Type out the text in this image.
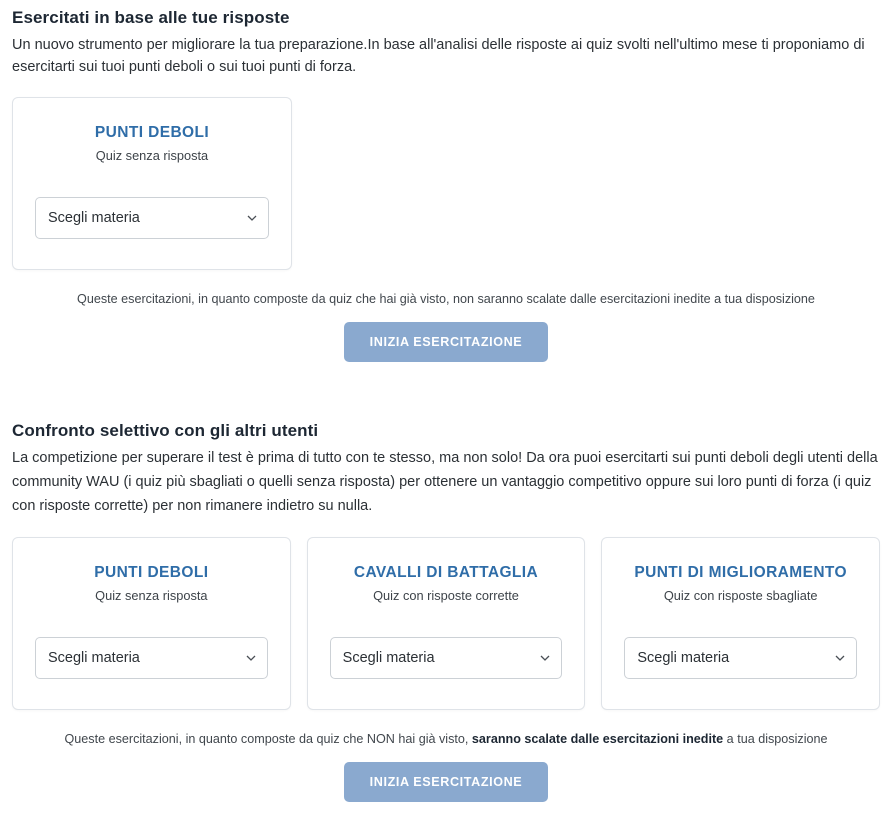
Esercitati in base alle tue risposte

Un nuovo strumento per migliorare la tua preparazione.In base all'analisi delle risposte ai quiz svolti nell'ultimo mese ti proponiamo di esercitarti sui tuoi punti deboli o sui tuoi punti di forza.

PUNTI DEBOLI
Quiz senza risposta
Scegli materia
Queste esercitazioni, in quanto composte da quiz che hai già visto, non saranno scalate dalle esercitazioni inedite a tua disposizione
INIZIA ESERCITAZIONE
Confronto selettivo con gli altri utenti

La competizione per superare il test è prima di tutto con te stesso, ma non solo! Da ora puoi esercitarti sui punti deboli degli utenti della community WAU (i quiz più sbagliati o quelli senza risposta) per ottenere un vantaggio competitivo oppure sui loro punti di forza (i quiz con risposte corrette) per non rimanere indietro su nulla.

PUNTI DEBOLI
Quiz senza risposta
Scegli materia
CAVALLI DI BATTAGLIA
Quiz con risposte corrette
Scegli materia
PUNTI DI MIGLIORAMENTO
Quiz con risposte sbagliate
Scegli materia
Queste esercitazioni, in quanto composte da quiz che NON hai già visto, saranno scalate dalle esercitazioni inedite a tua disposizione
INIZIA ESERCITAZIONE
